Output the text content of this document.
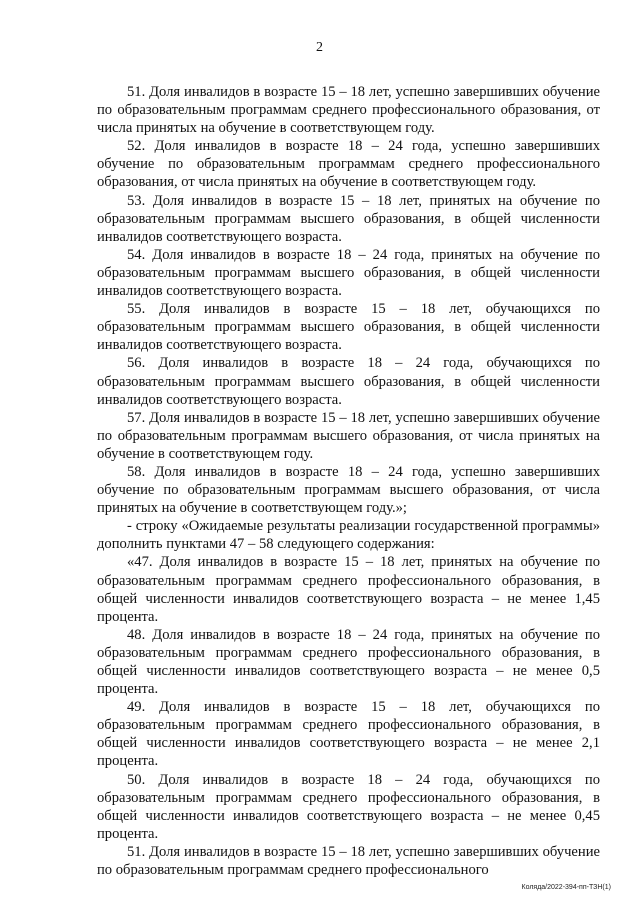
2

51. Доля инвалидов в возрасте 15 – 18 лет, успешно завершивших обучение по образовательным программам среднего профессионального образования, от числа принятых на обучение в соответствующем году.

52. Доля инвалидов в возрасте 18 – 24 года, успешно завершивших обучение по образовательным программам среднего профессионального образования, от числа принятых на обучение в соответствующем году.

53. Доля инвалидов в возрасте 15 – 18 лет, принятых на обучение по образовательным программам высшего образования, в общей численности инвалидов соответствующего возраста.

54. Доля инвалидов в возрасте 18 – 24 года, принятых на обучение по образовательным программам высшего образования, в общей численности инвалидов соответствующего возраста.

55. Доля инвалидов в возрасте 15 – 18 лет, обучающихся по образовательным программам высшего образования, в общей численности инвалидов соответствующего возраста.

56. Доля инвалидов в возрасте 18 – 24 года, обучающихся по образовательным программам высшего образования, в общей численности инвалидов соответствующего возраста.

57. Доля инвалидов в возрасте 15 – 18 лет, успешно завершивших обучение по образовательным программам высшего образования, от числа принятых на обучение в соответствующем году.

58. Доля инвалидов в возрасте 18 – 24 года, успешно завершивших обучение по образовательным программам высшего образования, от числа принятых на обучение в соответствующем году.»;

- строку «Ожидаемые результаты реализации государственной программы» дополнить пунктами 47 – 58 следующего содержания:

«47. Доля инвалидов в возрасте 15 – 18 лет, принятых на обучение по образовательным программам среднего профессионального образования, в общей численности инвалидов соответствующего возраста – не менее 1,45 процента.

48. Доля инвалидов в возрасте 18 – 24 года, принятых на обучение по образовательным программам среднего профессионального образования, в общей численности инвалидов соответствующего возраста – не менее 0,5 процента.

49. Доля инвалидов в возрасте 15 – 18 лет, обучающихся по образовательным программам среднего профессионального образования, в общей численности инвалидов соответствующего возраста – не менее 2,1 процента.

50. Доля инвалидов в возрасте 18 – 24 года, обучающихся по образовательным программам среднего профессионального образования, в общей численности инвалидов соответствующего возраста – не менее 0,45 процента.

51. Доля инвалидов в возрасте 15 – 18 лет, успешно завершивших обучение по образовательным программам среднего профессионального

Коляда/2022-394-пп-ТЗН(1)
